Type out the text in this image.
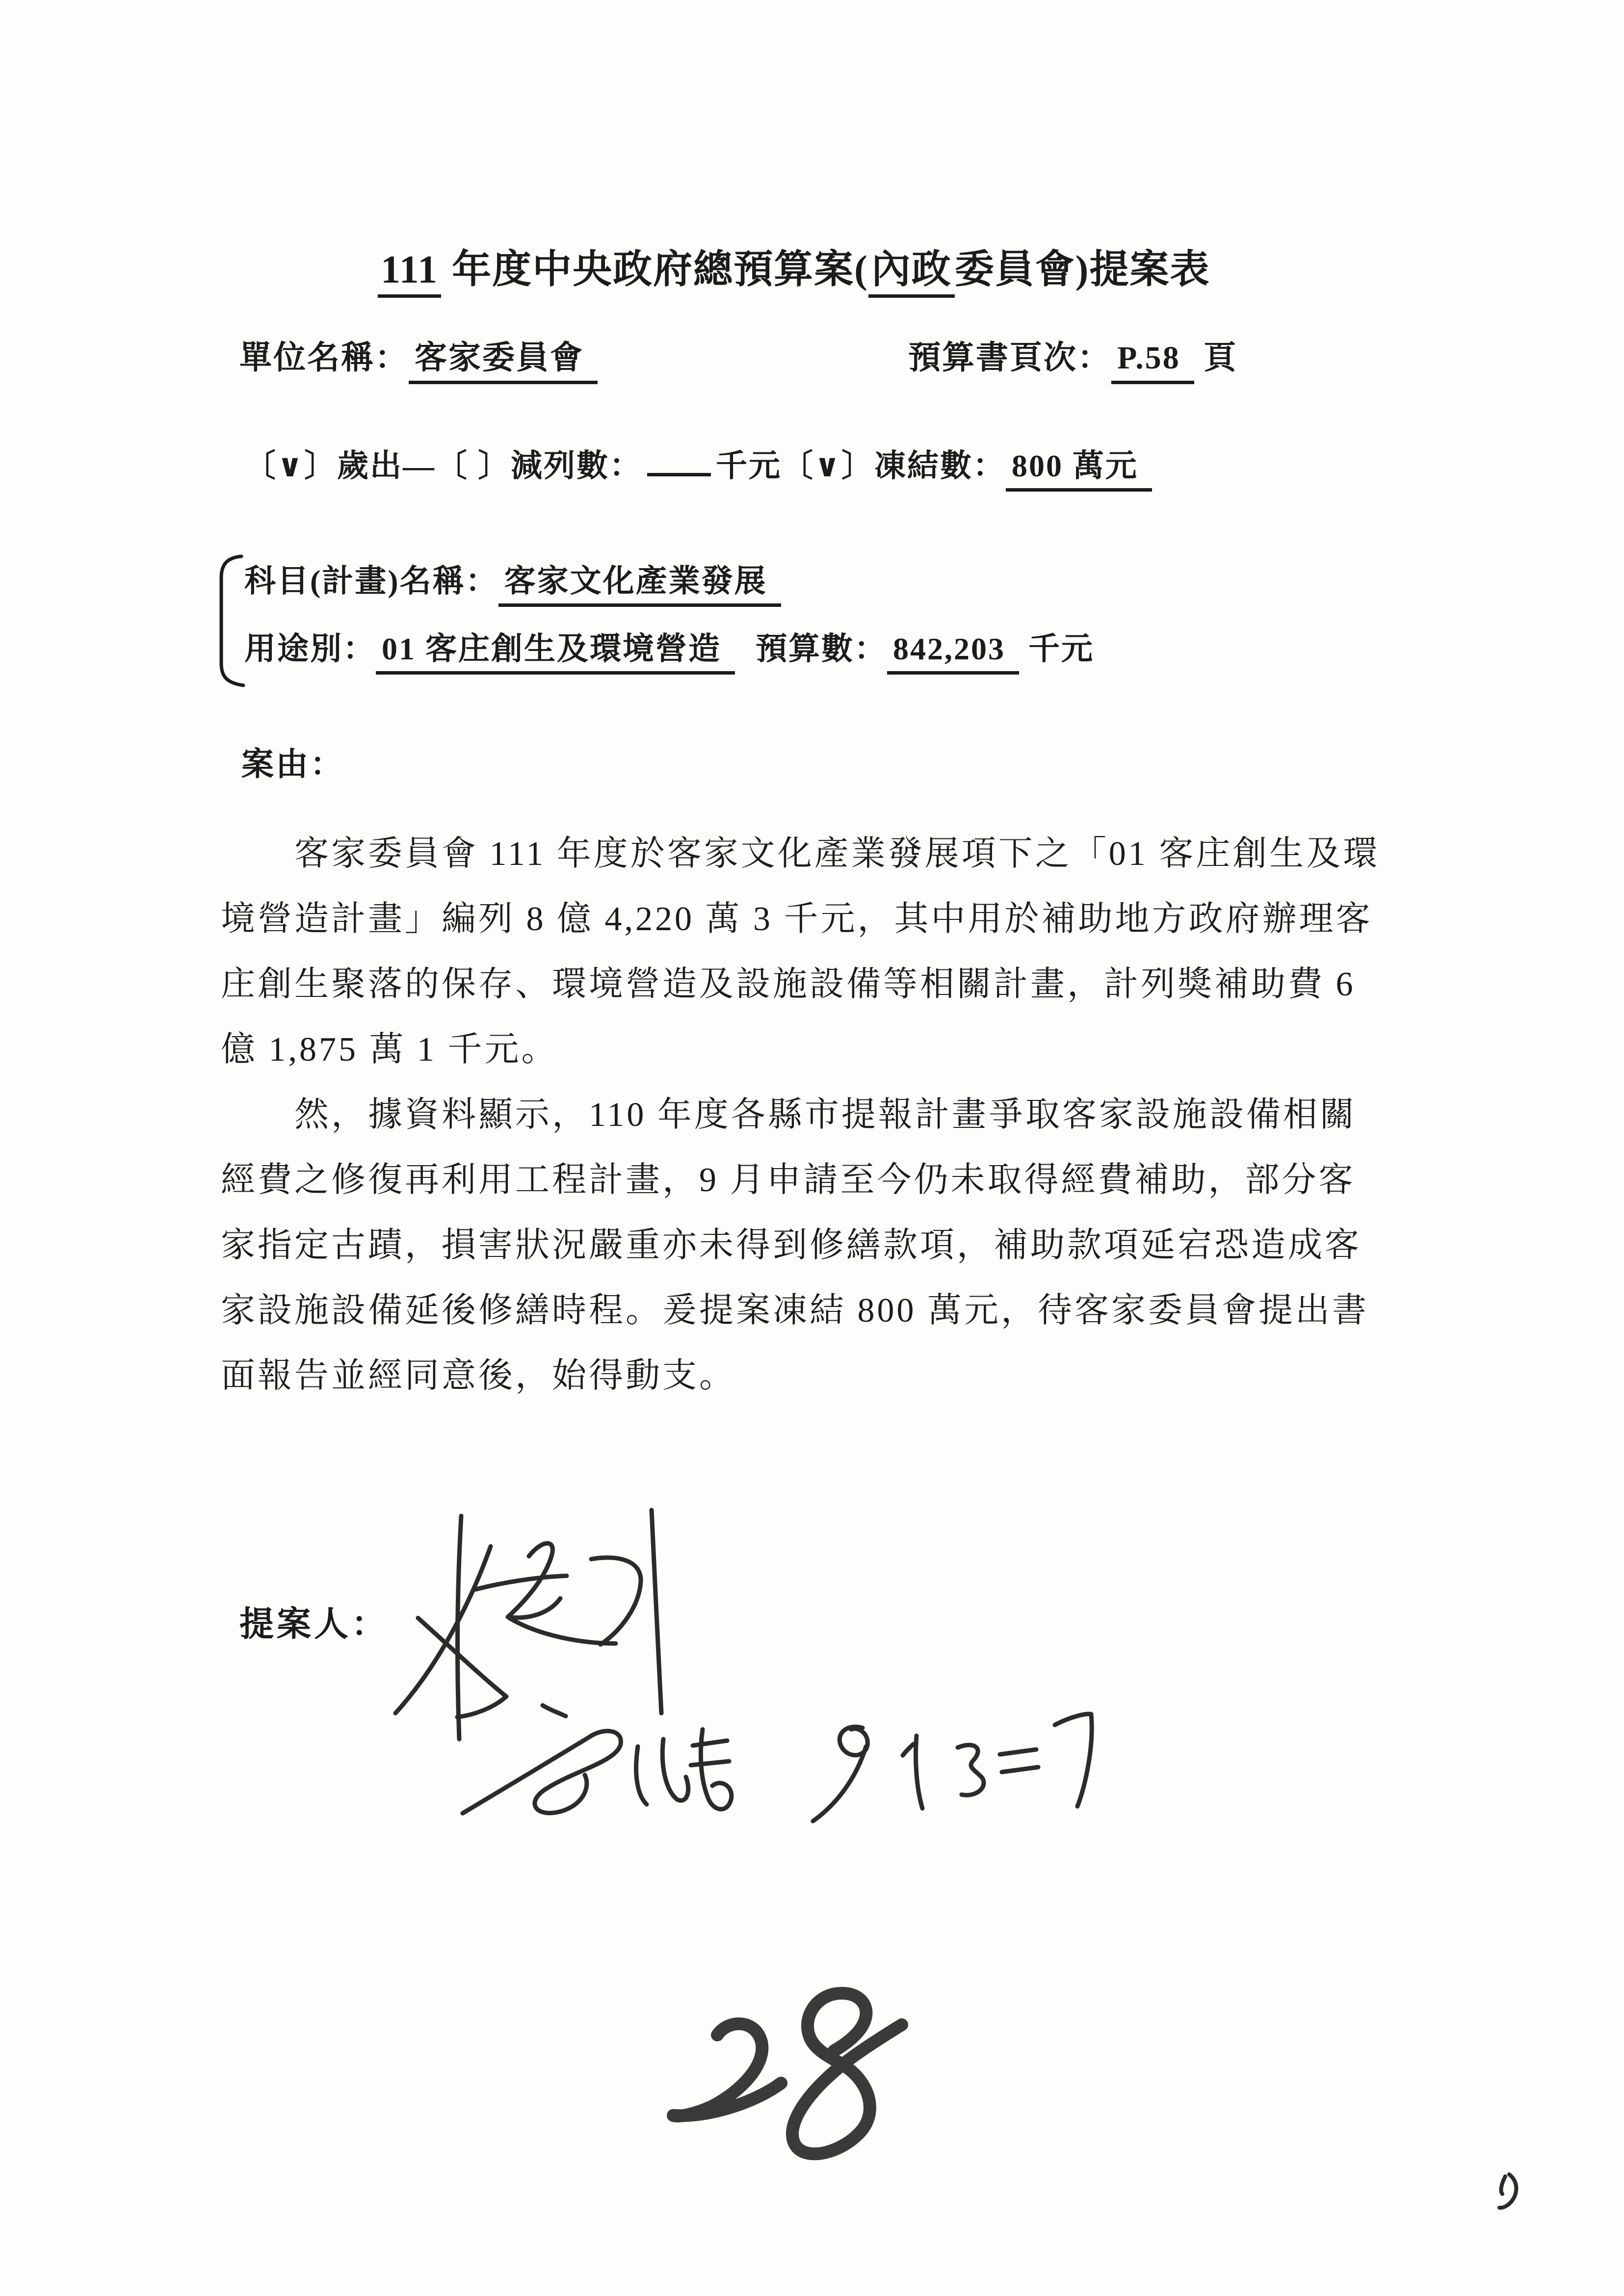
111 年度中央政府總預算案(內政委員會)提案表
單位名稱： 客家委員會	預算書頁次： P.58 頁
〔∨〕歲出—〔 〕減列數： 千元〔∨〕凍結數： 800 萬元
科目(計畫)名稱： 客家文化產業發展
用途別： 01 客庄創生及環境營造 預算數： 842,203 千元
案由：
　　客家委員會 111 年度於客家文化產業發展項下之「01 客庄創生及環
境營造計畫」編列 8 億 4,220 萬 3 千元，其中用於補助地方政府辦理客
庄創生聚落的保存、環境營造及設施設備等相關計畫，計列獎補助費 6
億 1,875 萬 1 千元。
　　然，據資料顯示，110 年度各縣市提報計畫爭取客家設施設備相關
經費之修復再利用工程計畫，9 月申請至今仍未取得經費補助，部分客
家指定古蹟，損害狀況嚴重亦未得到修繕款項，補助款項延宕恐造成客
家設施設備延後修繕時程。爰提案凍結 800 萬元，待客家委員會提出書
面報告並經同意後，始得動支。
提案人：
